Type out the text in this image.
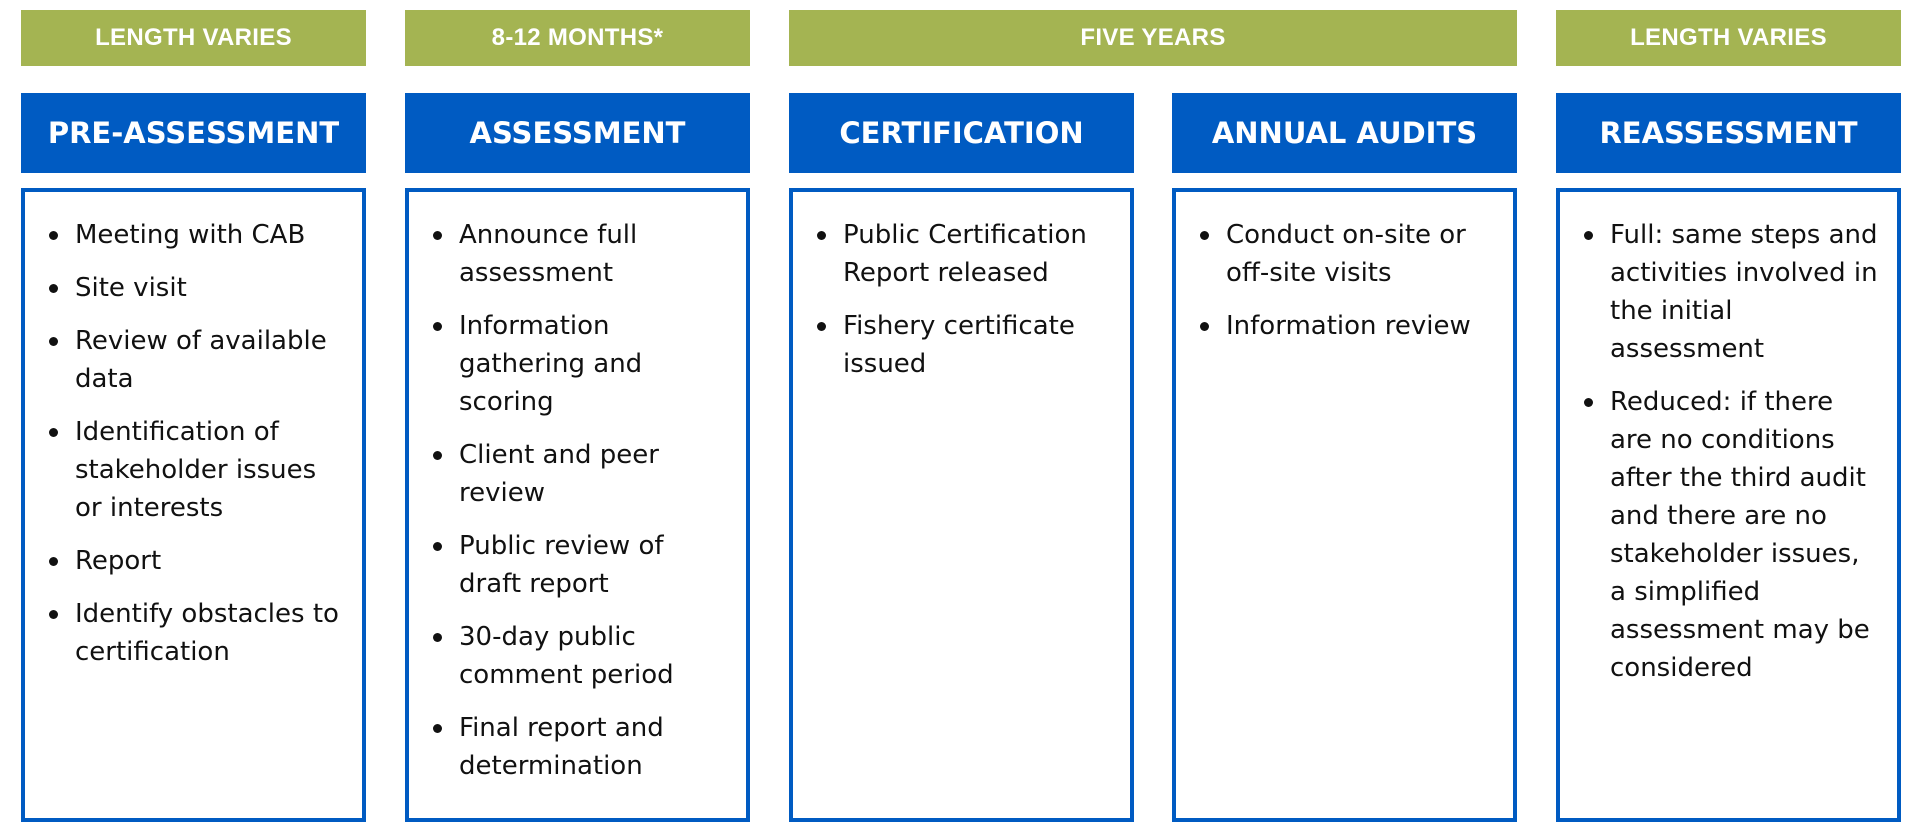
LENGTH VARIES	8-12 MONTHS*	FIVE YEARS	LENGTH VARIES
PRE-ASSESSMENT	ASSESSMENT	CERTIFICATION	ANNUAL AUDITS	REASSESSMENT
Meeting with CAB
Site visit
Review of available data
Identification of stakeholder issues or interests
Report
Identify obstacles to certification
Announce full assessment
Information gathering and scoring
Client and peer review
Public review of draft report
30-day public comment period
Final report and determination
Public Certification Report released
Fishery certificate issued
Conduct on-site or off-site visits
Information review
Full: same steps and activities involved in the initial assessment
Reduced: if there are no conditions after the third audit and there are no stakeholder issues, a simplified assessment may be considered
